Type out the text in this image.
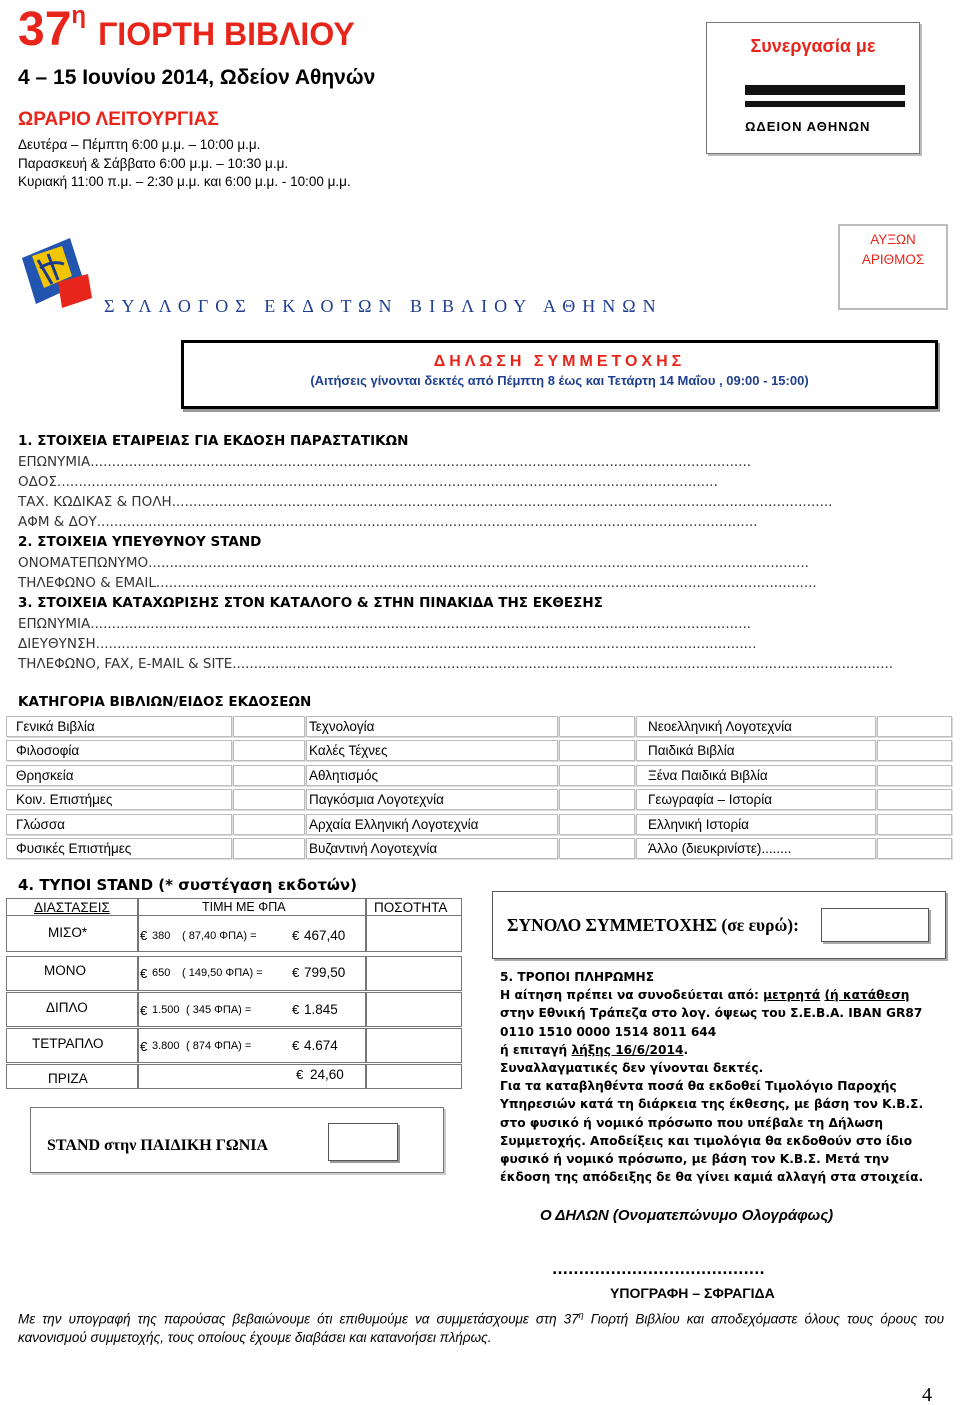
$37^\eta\Gamma IOPTH$ ΒΙΒΛΙΟΥ
4 – 15 Ιουνίου 2014, Ωδείον Αθηνών
ΩΡΑΡΙΟ ΛΕΙΤΟΥΡΓΙΑΣ
Δευτέρα – Πέμπτη 6:00 μ.μ. – 10:00 μ.μ.
Παρασκευή & Σάββατο 6:00 μ.μ. – 10:30 μ.μ.
Κυριακή 11:00 π.μ. – 2:30 μ.μ. και 6:00 μ.μ. - 10:00 μ.μ.
Συνεργασία με
ΩΔΕΙΟΝ ΑΘΗΝΩΝ
ΑΥΞΩΝ
ΑΡΙΘΜΟΣ
ΣΥΛΛΟΓΟΣ ΕΚΔΟΤΩΝ ΒΙΒΛΙΟΥ ΑΘΗΝΩΝ
ΔΗΛΩΣΗ ΣΥΜΜΕΤΟΧΗΣ
(Αιτήσεις γίνονται δεκτές από Πέμπτη 8 έως και Τετάρτη 14 Μαΐου , 09:00 - 15:00)
1. ΣΤΟΙΧΕΙΑ ΕΤΑΙΡΕΙΑΣ ΓΙΑ ΕΚΔΟΣΗ ΠΑΡΑΣΤΑΤΙΚΩΝ
ΕΠΩΝΥΜΙΑ..........................................................................................................................................................
ΟΔΟΣ..........................................................................................................................................................
ΤΑΧ. ΚΩΔΙΚΑΣ & ΠΟΛΗ..........................................................................................................................................................
ΑΦΜ & ΔΟΥ..........................................................................................................................................................
2. ΣΤΟΙΧΕΙΑ ΥΠΕΥΘΥΝΟΥ STAND
ΟΝΟΜΑΤΕΠΩΝΥΜΟ..........................................................................................................................................................
ΤΗΛΕΦΩΝΟ & EMAIL..........................................................................................................................................................
3. ΣΤΟΙΧΕΙΑ ΚΑΤΑΧΩΡΙΣΗΣ ΣΤΟΝ ΚΑΤΑΛΟΓΟ & ΣΤΗΝ ΠΙΝΑΚΙΔΑ ΤΗΣ ΕΚΘΕΣΗΣ
ΕΠΩΝΥΜΙΑ..........................................................................................................................................................
ΔΙΕΥΘΥΝΣΗ..........................................................................................................................................................
ΤΗΛΕΦΩΝΟ, FAX, E-MAIL & SITE..........................................................................................................................................................
ΚΑΤΗΓΟΡΙΑ ΒΙΒΛΙΩΝ/ΕΙΔΟΣ ΕΚΔΟΣΕΩΝ
Γενικά Βιβλία	Τεχνολογία	Νεοελληνική Λογοτεχνία
Φιλοσοφία	Καλές Τέχνες	Παιδικά Βιβλία
Θρησκεία	Αθλητισμός	Ξένα Παιδικά Βιβλία
Κοιν. Επιστήμες	Παγκόσμια Λογοτεχνία	Γεωγραφία – Ιστορία
Γλώσσα	Αρχαία Ελληνική Λογοτεχνία	Ελληνική Ιστορία
Φυσικές Επιστήμες	Βυζαντινή Λογοτεχνία	Άλλο (διευκρινίστε)........
4. ΤΥΠΟΙ STAND (* συστέγαση εκδοτών)
ΔΙΑΣΤΑΣΕΙΣ	ΤΙΜΗ ΜΕ ΦΠΑ	ΠΟΣΟΤΗΤΑ
ΜΙΣΟ*	€ 380 ( 87,40 ΦΠΑ) =	€ 467,40
ΜΟΝΟ	€ 650 ( 149,50 ΦΠΑ) = € 799,50
ΔΙΠΛΟ	€ 1.500 ( 345 ΦΠΑ) =	€ 1.845
ΤΕΤΡΑΠΛΟ	€ 3.800 ( 874 ΦΠΑ) =	€ 4.674
ΠΡΙΖΑ	€ 24,60
ΣΥΝΟΛΟ ΣΥΜΜΕΤΟΧΗΣ (σε ευρώ):
5. ΤΡΟΠΟΙ ΠΛΗΡΩΜΗΣ
Η αίτηση πρέπει να συνοδεύεται από: μετρητά (ή κατάθεση στην Εθνική Τράπεζα στο λογ. όψεως του Σ.Ε.Β.Α. IBAN GR87 0110 1510 0000 1514 8011 644
ή επιταγή λήξης 16/6/2014.
Συναλλαγματικές δεν γίνονται δεκτές.
Για τα καταβληθέντα ποσά θα εκδοθεί Τιμολόγιο Παροχής Υπηρεσιών κατά τη διάρκεια της έκθεσης, με βάση τον Κ.Β.Σ. στο φυσικό ή νομικό πρόσωπο που υπέβαλε τη Δήλωση Συμμετοχής. Αποδείξεις και τιμολόγια θα εκδοθούν στο ίδιο φυσικό ή νομικό πρόσωπο, με βάση τον Κ.Β.Σ. Μετά την έκδοση της απόδειξης δε θα γίνει καμιά αλλαγή στα στοιχεία.
STAND στην ΠΑΙΔΙΚΗ ΓΩΝΙΑ
Ο ΔΗΛΩΝ (Ονοματεπώνυμο Ολογράφως)
........................................
ΥΠΟΓΡΑΦΗ – ΣΦΡΑΓΙΔΑ
Με την υπογραφή της παρούσας βεβαιώνουμε ότι επιθυμούμε να συμμετάσχουμε στη $37^\eta$ Γιορτή Βιβλίου και αποδεχόμαστε όλους τους όρους του κανονισμού συμμετοχής, τους οποίους έχουμε διαβάσει και κατανοήσει πλήρως.
4
